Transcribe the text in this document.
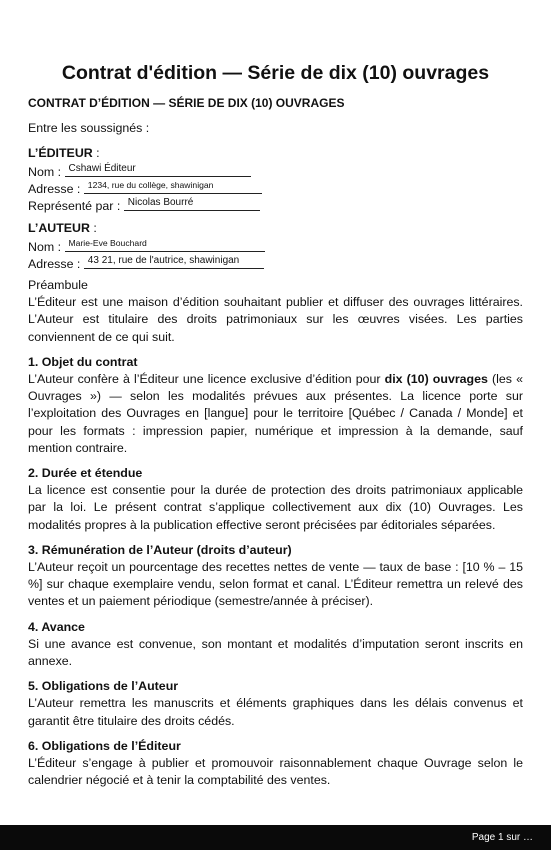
Contrat d'édition — Série de dix (10) ouvrages
CONTRAT D’ÉDITION — SÉRIE DE DIX (10) OUVRAGES
Entre les soussignés :
L’ÉDITEUR :
Nom : Cshawi Éditeur
Adresse : 1234, rue du collège, shawinigan
Représenté par : Nicolas Bourré
L’AUTEUR :
Nom : Marie-Eve Bouchard
Adresse : 43 21, rue de l'autrice, shawinigan

Préambule

L’Éditeur est une maison d’édition souhaitant publier et diffuser des ouvrages littéraires. L’Auteur est titulaire des droits patrimoniaux sur les œuvres visées. Les parties conviennent de ce qui suit.

1. Objet du contrat

L’Auteur confère à l’Éditeur une licence exclusive d’édition pour dix (10) ouvrages (les « Ouvrages ») — selon les modalités prévues aux présentes. La licence porte sur l’exploitation des Ouvrages en [langue] pour le territoire [Québec / Canada / Monde] et pour les formats : impression papier, numérique et impression à la demande, sauf mention contraire.

2. Durée et étendue

La licence est consentie pour la durée de protection des droits patrimoniaux applicable par la loi. Le présent contrat s’applique collectivement aux dix (10) Ouvrages. Les modalités propres à la publication effective seront précisées par éditoriales séparées.

3. Rémunération de l’Auteur (droits d’auteur)

L’Auteur reçoit un pourcentage des recettes nettes de vente — taux de base : [10 % – 15 %] sur chaque exemplaire vendu, selon format et canal. L’Éditeur remettra un relevé des ventes et un paiement périodique (semestre/année à préciser).

4. Avance

Si une avance est convenue, son montant et modalités d’imputation seront inscrits en annexe.

5. Obligations de l’Auteur

L’Auteur remettra les manuscrits et éléments graphiques dans les délais convenus et garantit être titulaire des droits cédés.

6. Obligations de l’Éditeur

L’Éditeur s’engage à publier et promouvoir raisonnablement chaque Ouvrage selon le calendrier négocié et à tenir la comptabilité des ventes.

Page 1 sur …
